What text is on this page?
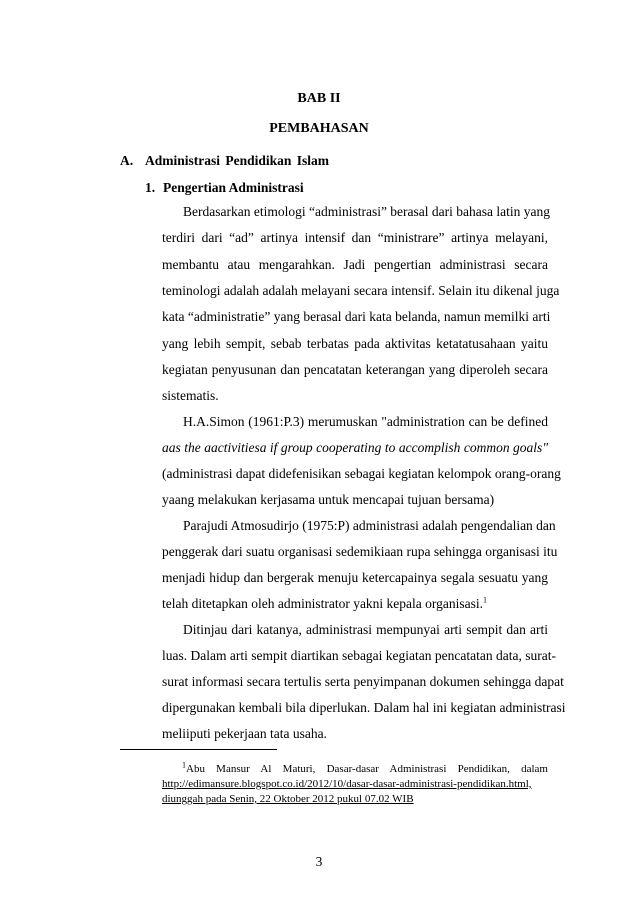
BAB II
PEMBAHASAN
A. Administrasi Pendidikan Islam
1. Pengertian Administrasi
Berdasarkan etimologi “administrasi” berasal dari bahasa latin yang
terdiri dari “ad” artinya intensif dan “ministrare” artinya melayani,
membantu atau mengarahkan. Jadi pengertian administrasi secara
teminologi adalah adalah melayani secara intensif. Selain itu dikenal juga
kata “administratie” yang berasal dari kata belanda, namun memilki arti
yang lebih sempit, sebab terbatas pada aktivitas ketatatusahaan yaitu
kegiatan penyusunan dan pencatatan keterangan yang diperoleh secara
sistematis.
H.A.Simon (1961:P.3) merumuskan "administration can be defined
aas the aactivitiesa if group cooperating to accomplish common goals"
(administrasi dapat didefenisikan sebagai kegiatan kelompok orang-orang
yaang melakukan kerjasama untuk mencapai tujuan bersama)
Parajudi Atmosudirjo (1975:P) administrasi adalah pengendalian dan
penggerak dari suatu organisasi sedemikiaan rupa sehingga organisasi itu
menjadi hidup dan bergerak menuju ketercapainya segala sesuatu yang
telah ditetapkan oleh administrator yakni kepala organisasi.$^1$
Ditinjau dari katanya, administrasi mempunyai arti sempit dan arti
luas. Dalam arti sempit diartikan sebagai kegiatan pencatatan data, surat-
surat informasi secara tertulis serta penyimpanan dokumen sehingga dapat
dipergunakan kembali bila diperlukan. Dalam hal ini kegiatan administrasi
meliiputi pekerjaan tata usaha.
$^1$Abu Mansur Al Maturi, Dasar-dasar Administrasi Pendidikan, dalam
http://edimansure.blogspot.co.id/2012/10/dasar-dasar-administrasi-pendidikan.html,
diunggah pada Senin, 22 Oktober 2012 pukul 07.02 WIB
3
